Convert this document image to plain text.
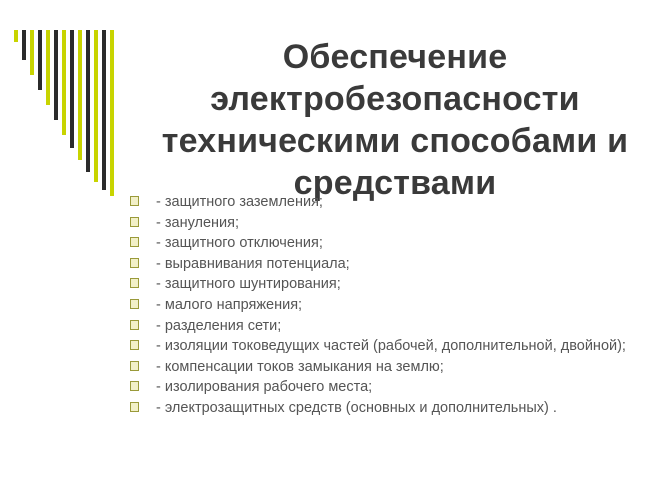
Обеспечение
электробезопасности
техническими способами и
средствами
- защитного заземления;
- зануления;
- защитного отключения;
- выравнивания потенциала;
- защитного шунтирования;
- малого напряжения;
- разделения сети;
- изоляции токоведущих частей (рабочей, дополнительной, двойной);
- компенсации токов замыкания на землю;
- изолирования рабочего места;
- электрозащитных средств (основных и дополнительных) .
